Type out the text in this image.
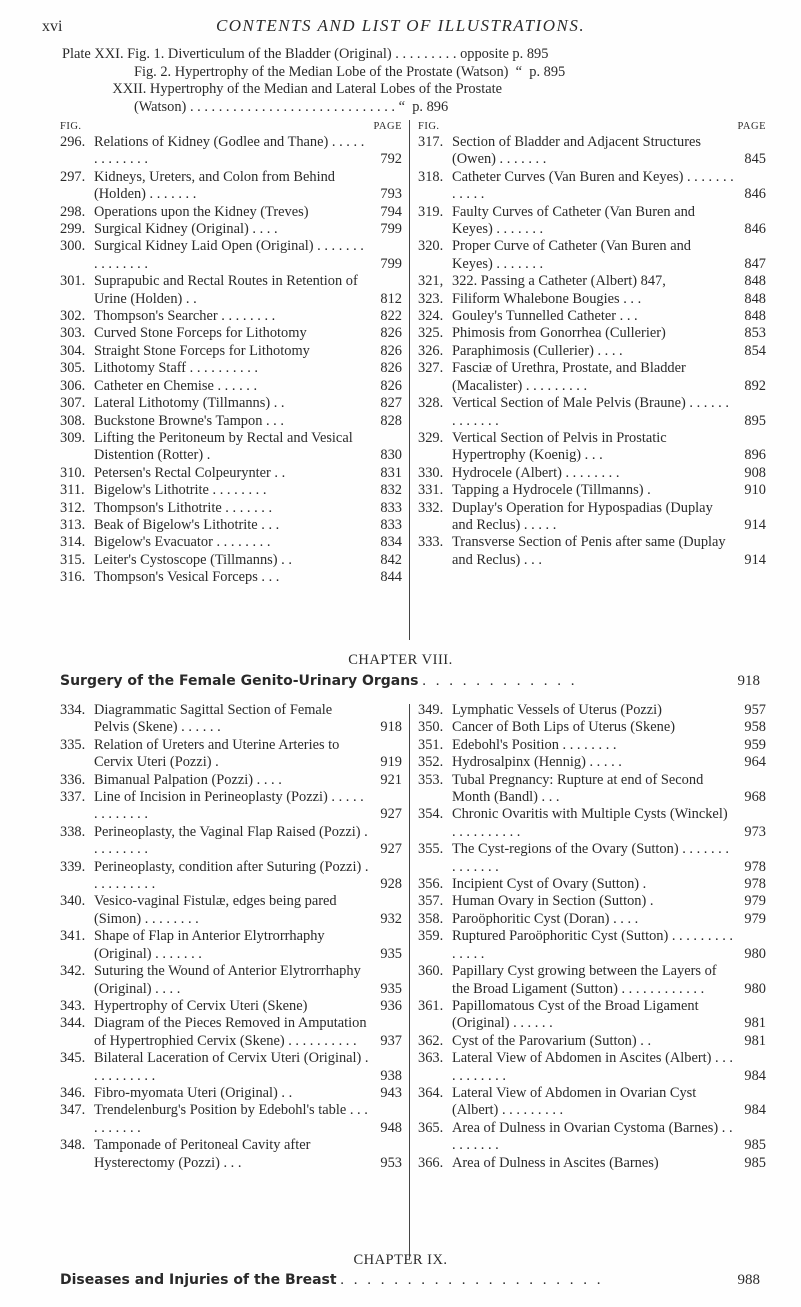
xvi	CONTENTS AND LIST OF ILLUSTRATIONS.
Plate XXI. Fig. 1. Diverticulum of the Bladder (Original) . . . . . . . . . opposite p. 895
Fig. 2. Hypertrophy of the Median Lobe of the Prostate (Watson)  “  p. 895
XXII. Hypertrophy of the Median and Lateral Lobes of the Prostate
(Watson) . . . . . . . . . . . . . . . . . . . . . . . . . . . . . “  p. 896
FIG.	PAGE
296. Relations of Kidney (Godlee and Thane) . . . . . . . . . . . . .	792
297. Kidneys, Ureters, and Colon from Behind (Holden) . . . . . . .	793
298. Operations upon the Kidney (Treves)	794
299. Surgical Kidney (Original) . . . .	799
300. Surgical Kidney Laid Open (Original) . . . . . . . . . . . . . . .	799
301. Suprapubic and Rectal Routes in Retention of Urine (Holden) . .	812
302. Thompson's Searcher . . . . . . . .	822
303. Curved Stone Forceps for Lithotomy	826
304. Straight Stone Forceps for Lithotomy	826
305. Lithotomy Staff . . . . . . . . . .	826
306. Catheter en Chemise . . . . . .	826
307. Lateral Lithotomy (Tillmanns) . .	827
308. Buckstone Browne's Tampon . . .	828
309. Lifting the Peritoneum by Rectal and Vesical Distention (Rotter) .	830
310. Petersen's Rectal Colpeurynter . .	831
311. Bigelow's Lithotrite . . . . . . . .	832
312. Thompson's Lithotrite . . . . . . .	833
313. Beak of Bigelow's Lithotrite . . .	833
314. Bigelow's Evacuator . . . . . . . .	834
315. Leiter's Cystoscope (Tillmanns) . .	842
316. Thompson's Vesical Forceps . . .	844
FIG.	PAGE
317. Section of Bladder and Adjacent Structures (Owen) . . . . . . .	845
318. Catheter Curves (Van Buren and Keyes) . . . . . . . . . . . .	846
319. Faulty Curves of Catheter (Van Buren and Keyes) . . . . . . .	846
320. Proper Curve of Catheter (Van Buren and Keyes) . . . . . . .	847
321, 322. Passing a Catheter (Albert) 847,	848
323. Filiform Whalebone Bougies . . .	848
324. Gouley's Tunnelled Catheter . . .	848
325. Phimosis from Gonorrhea (Cullerier)	853
326. Paraphimosis (Cullerier) . . . .	854
327. Fasciæ of Urethra, Prostate, and Bladder (Macalister) . . . . . . . . .	892
328. Vertical Section of Male Pelvis (Braune) . . . . . . . . . . . . .	895
329. Vertical Section of Pelvis in Prostatic Hypertrophy (Koenig) . . .	896
330. Hydrocele (Albert) . . . . . . . .	908
331. Tapping a Hydrocele (Tillmanns) .	910
332. Duplay's Operation for Hypospadias (Duplay and Reclus) . . . . .	914
333. Transverse Section of Penis after same (Duplay and Reclus) . . .	914
CHAPTER VIII.
Surgery of the Female Genito-Urinary Organs . . . . . . . . . . . .	918
334. Diagrammatic Sagittal Section of Female Pelvis (Skene) . . . . . .	918
335. Relation of Ureters and Uterine Arteries to Cervix Uteri (Pozzi) .	919
336. Bimanual Palpation (Pozzi) . . . .	921
337. Line of Incision in Perineoplasty (Pozzi) . . . . . . . . . . . . .	927
338. Perineoplasty, the Vaginal Flap Raised (Pozzi) . . . . . . . . .	927
339. Perineoplasty, condition after Suturing (Pozzi) . . . . . . . . . .	928
340. Vesico-vaginal Fistulæ, edges being pared (Simon) . . . . . . . .	932
341. Shape of Flap in Anterior Elytrorrhaphy (Original) . . . . . . .	935
342. Suturing the Wound of Anterior Elytrorrhaphy (Original) . . . .	935
343. Hypertrophy of Cervix Uteri (Skene)	936
344. Diagram of the Pieces Removed in Amputation of Hypertrophied Cervix (Skene) . . . . . . . . . . 937
345. Bilateral Laceration of Cervix Uteri (Original) . . . . . . . . . .	938
346. Fibro-myomata Uteri (Original) . .	943
347. Trendelenburg's Position by Edebohl's table . . . . . . . . . .	948
348. Tamponade of Peritoneal Cavity after Hysterectomy (Pozzi) . . .	953
349. Lymphatic Vessels of Uterus (Pozzi)	957
350. Cancer of Both Lips of Uterus (Skene)	958
351. Edebohl's Position . . . . . . . .	959
352. Hydrosalpinx (Hennig) . . . . .	964
353. Tubal Pregnancy: Rupture at end of Second Month (Bandl) . . .	968
354. Chronic Ovaritis with Multiple Cysts (Winckel) . . . . . . . . . .	973
355. The Cyst-regions of the Ovary (Sutton) . . . . . . . . . . . . . .	978
356. Incipient Cyst of Ovary (Sutton) .	978
357. Human Ovary in Section (Sutton) .	979
358. Paroöphoritic Cyst (Doran) . . . .	979
359. Ruptured Paroöphoritic Cyst (Sutton) . . . . . . . . . . . . . .	980
360. Papillary Cyst growing between the Layers of the Broad Ligament (Sutton) . . . . . . . . . . . .	980
361. Papillomatous Cyst of the Broad Ligament (Original) . . . . . .	981
362. Cyst of the Parovarium (Sutton) . .	981
363. Lateral View of Abdomen in Ascites (Albert) . . . . . . . . . . .	984
364. Lateral View of Abdomen in Ovarian Cyst (Albert) . . . . . . . . .	984
365. Area of Dulness in Ovarian Cystoma (Barnes) . . . . . . . . .	985
366. Area of Dulness in Ascites (Barnes)	985
CHAPTER IX.
Diseases and Injuries of the Breast . . . . . . . . . . . . . . . . . . . .	988
